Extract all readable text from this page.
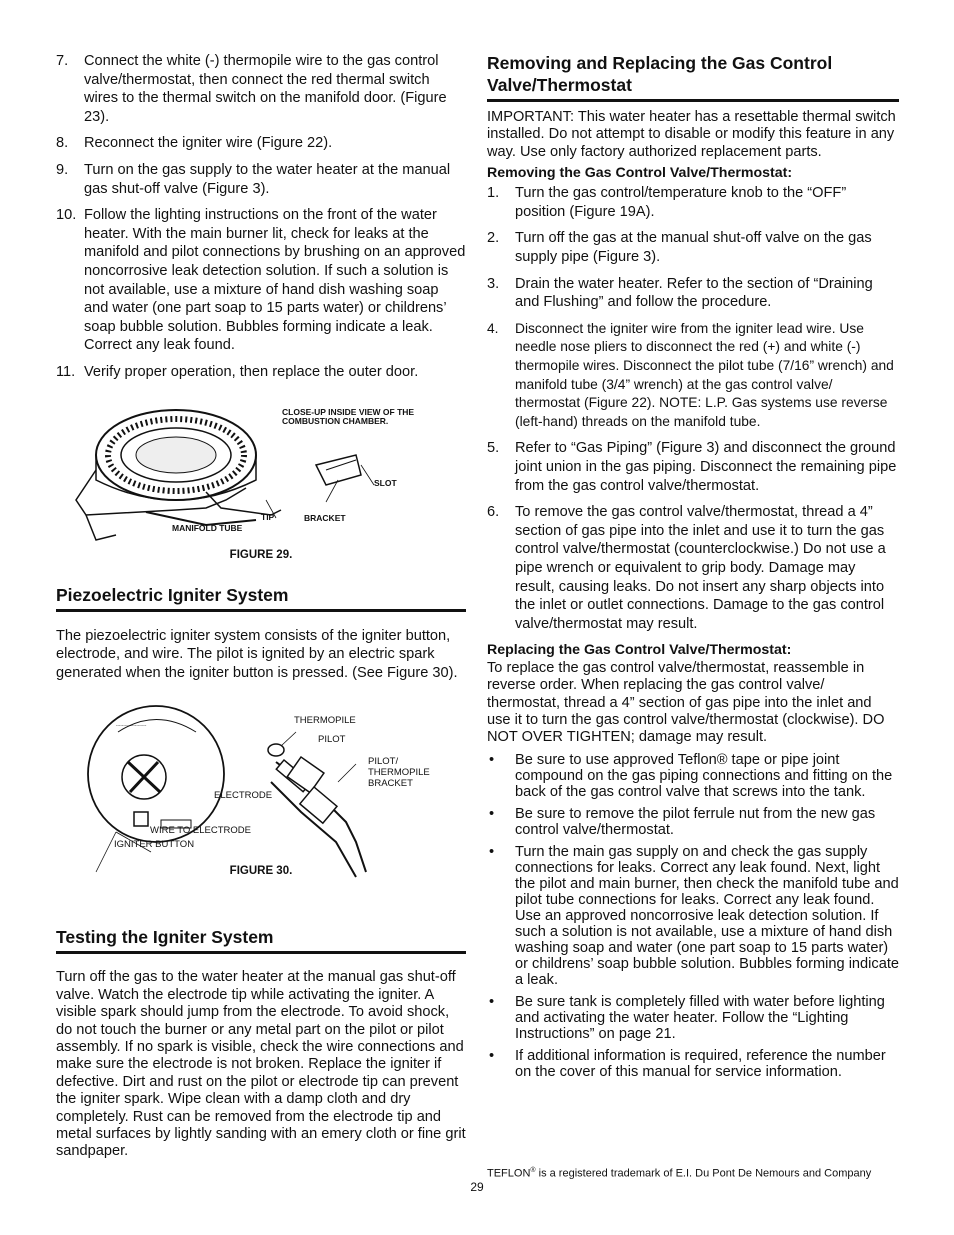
7. Connect the white (-) thermopile wire to the gas control valve/thermostat, then connect the red thermal switch wires to the thermal switch on the manifold door. (Figure 23).
8. Reconnect the igniter wire (Figure 22).
9. Turn on the gas supply to the water heater at the manual gas shut-off valve (Figure 3).
10. Follow the lighting instructions on the front of the water heater. With the main burner lit, check for leaks at the manifold and pilot connections by brushing on an approved noncorrosive leak detection solution. If such a solution is not available, use a mixture of hand dish washing soap and water (one part soap to 15 parts water) or childrens’ soap bubble solution. Bubbles forming indicate a leak. Correct any leak found.
11. Verify proper operation, then replace the outer door.
CLOSE-UP INSIDE VIEW OF THE COMBUSTION CHAMBER.
SLOT
TIP	BRACKET
MANIFOLD TUBE
FIGURE 29.
Piezoelectric Igniter System
The piezoelectric igniter system consists of the igniter button, electrode, and wire. The pilot is ignited by an electric spark generated when the igniter button is pressed. (See Figure 30).
---------------------	THERMOPILE
PILOT
PILOT/ THERMOPILE BRACKET
ELECTRODE
WIRE TO ELECTRODE
IGNITER BUTTON
FIGURE 30.
Testing the Igniter System
Turn off the gas to the water heater at the manual gas shut-off valve. Watch the electrode tip while activating the igniter. A visible spark should jump from the electrode. To avoid shock, do not touch the burner or any metal part on the pilot or pilot assembly. If no spark is visible, check the wire connections and make sure the electrode is not broken. Replace the igniter if defective. Dirt and rust on the pilot or electrode tip can prevent the igniter spark. Wipe clean with a damp cloth and dry completely. Rust can be removed from the electrode tip and metal surfaces by lightly sanding with an emery cloth or fine grit sandpaper.
Removing and Replacing the Gas Control Valve/Thermostat
IMPORTANT: This water heater has a resettable thermal switch installed. Do not attempt to disable or modify this feature in any way. Use only factory authorized replacement parts.
Removing the Gas Control Valve/Thermostat:
1. Turn the gas control/temperature knob to the “OFF” position (Figure 19A).
2. Turn off the gas at the manual shut-off valve on the gas supply pipe (Figure 3).
3. Drain the water heater. Refer to the section of “Draining and Flushing” and follow the procedure.
4. Disconnect the igniter wire from the igniter lead wire. Use needle nose pliers to disconnect the red (+) and white (-) thermopile wires. Disconnect the pilot tube (7/16” wrench) and manifold tube (3/4” wrench) at the gas control valve/ thermostat (Figure 22). NOTE: L.P. Gas systems use reverse (left-hand) threads on the manifold tube.
5. Refer to “Gas Piping” (Figure 3) and disconnect the ground joint union in the gas piping. Disconnect the remaining pipe from the gas control valve/thermostat.
6. To remove the gas control valve/thermostat, thread a 4” section of gas pipe into the inlet and use it to turn the gas control valve/thermostat (counterclockwise.) Do not use a pipe wrench or equivalent to grip body. Damage may result, causing leaks. Do not insert any sharp objects into the inlet or outlet connections. Damage to the gas control valve/thermostat may result.
Replacing the Gas Control Valve/Thermostat:
To replace the gas control valve/thermostat, reassemble in reverse order. When replacing the gas control valve/ thermostat, thread a 4” section of gas pipe into the inlet and use it to turn the gas control valve/thermostat (clockwise). DO NOT OVER TIGHTEN; damage may result.
• Be sure to use approved Teflon® tape or pipe joint compound on the gas piping connections and fitting on the back of the gas control valve that screws into the tank.
• Be sure to remove the pilot ferrule nut from the new gas control valve/thermostat.
• Turn the main gas supply on and check the gas supply connections for leaks. Correct any leak found. Next, light the pilot and main burner, then check the manifold tube and pilot tube connections for leaks. Correct any leak found. Use an approved noncorrosive leak detection solution. If such a solution is not available, use a mixture of hand dish washing soap and water (one part soap to 15 parts water) or childrens’ soap bubble solution. Bubbles forming indicate a leak.
• Be sure tank is completely filled with water before lighting and activating the water heater. Follow the “Lighting Instructions” on page 21.
• If additional information is required, reference the number on the cover of this manual for service information.
TEFLON® is a registered trademark of E.I. Du Pont De Nemours and Company
29
